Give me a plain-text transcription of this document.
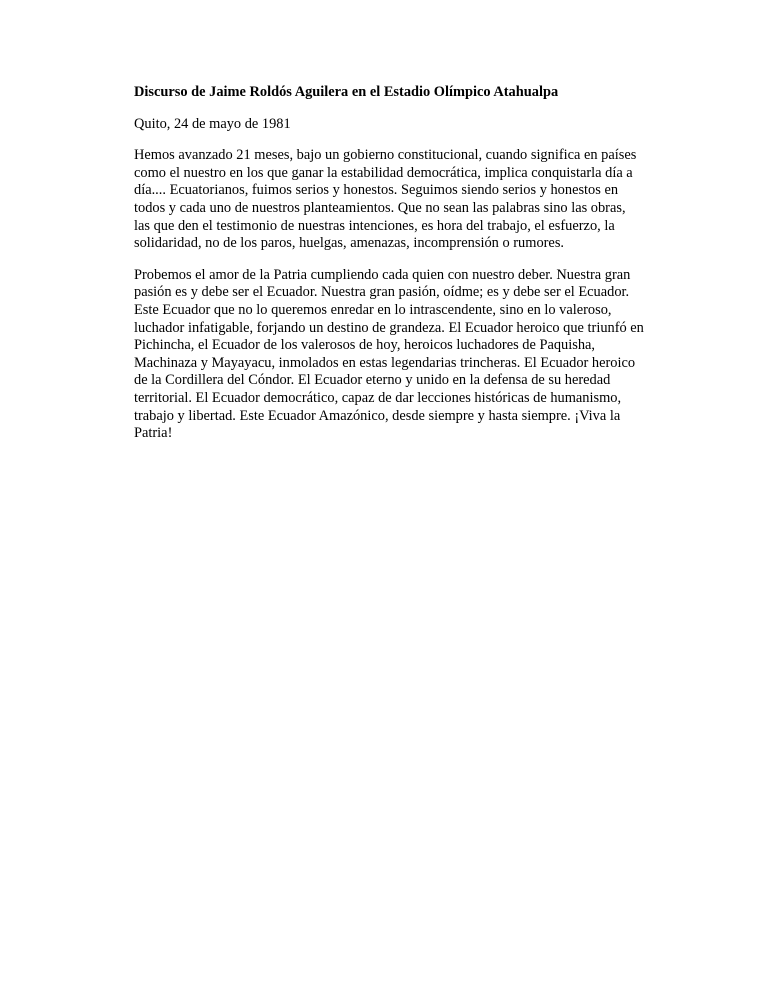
Discurso de Jaime Roldós Aguilera en el Estadio Olímpico Atahualpa
Quito, 24 de mayo de 1981
Hemos avanzado 21 meses, bajo un gobierno constitucional, cuando significa en países
como el nuestro en los que ganar la estabilidad democrática, implica conquistarla día a
día.... Ecuatorianos, fuimos serios y honestos. Seguimos siendo serios y honestos en
todos y cada uno de nuestros planteamientos. Que no sean las palabras sino las obras,
las que den el testimonio de nuestras intenciones, es hora del trabajo, el esfuerzo, la
solidaridad, no de los paros, huelgas, amenazas, incomprensión o rumores.
Probemos el amor de la Patria cumpliendo cada quien con nuestro deber. Nuestra gran
pasión es y debe ser el Ecuador. Nuestra gran pasión, oídme; es y debe ser el Ecuador.
Este Ecuador que no lo queremos enredar en lo intrascendente, sino en lo valeroso,
luchador infatigable, forjando un destino de grandeza. El Ecuador heroico que triunfó en
Pichincha, el Ecuador de los valerosos de hoy, heroicos luchadores de Paquisha,
Machinaza y Mayayacu, inmolados en estas legendarias trincheras. El Ecuador heroico
de la Cordillera del Cóndor. El Ecuador eterno y unido en la defensa de su heredad
territorial. El Ecuador democrático, capaz de dar lecciones históricas de humanismo,
trabajo y libertad. Este Ecuador Amazónico, desde siempre y hasta siempre. ¡Viva la
Patria!
